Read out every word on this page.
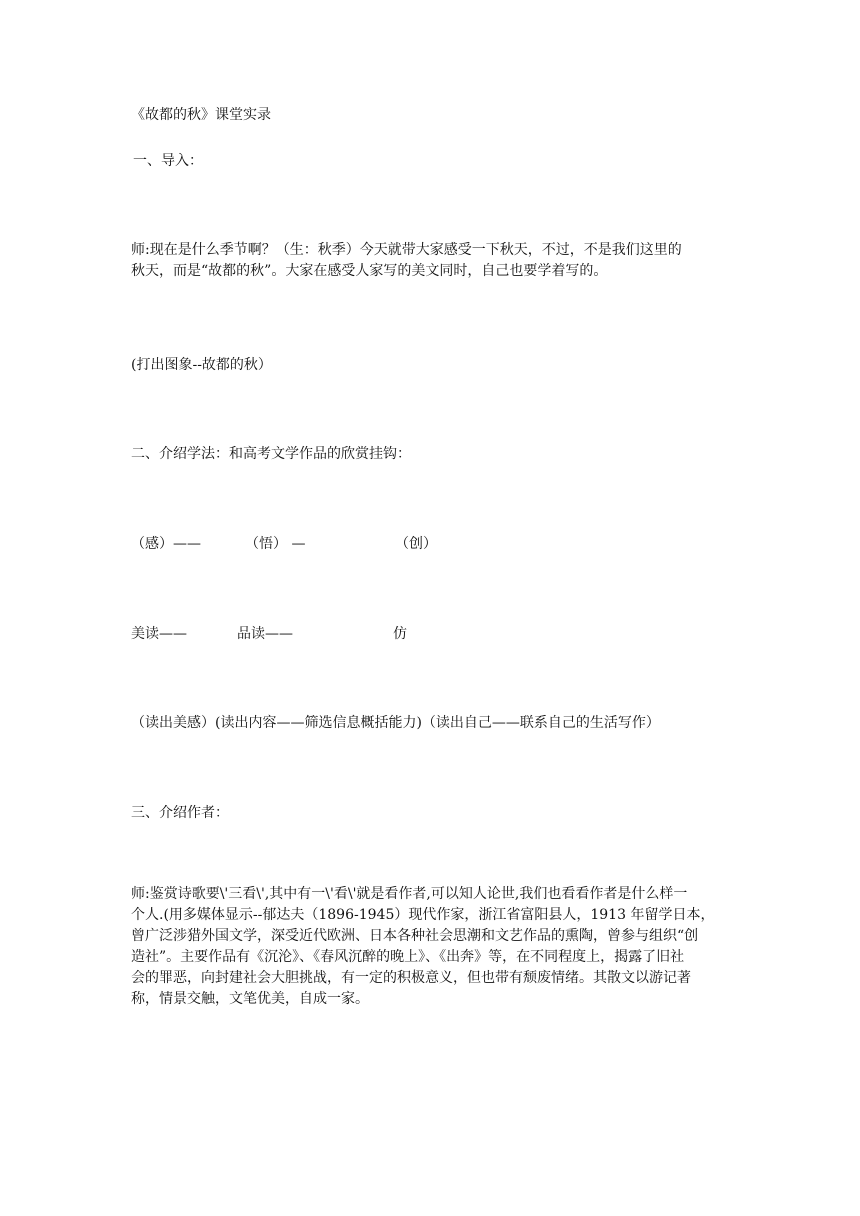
《故都的秋》课堂实录
一、导入：

师:现在是什么季节啊？（生：秋季）今天就带大家感受一下秋天，不过，不是我们这里的

秋天，而是“故都的秋”。大家在感受人家写的美文同时，自己也要学着写的。

(打出图象--故都的秋）
二、介绍学法：和高考文学作品的欣赏挂钩：
（感）——	（悟） —	（创）
美读——	品读——	仿
（读出美感）(读出内容——筛选信息概括能力)（读出自己——联系自己的生活写作）
三、介绍作者：

师:鉴赏诗歌要\'三看\',其中有一\'看\'就是看作者,可以知人论世,我们也看看作者是什么样一

个人.(用多媒体显示--郁达夫（1896-1945）现代作家，浙江省富阳县人，1913 年留学日本，

曾广泛涉猎外国文学，深受近代欧洲、日本各种社会思潮和文艺作品的熏陶，曾参与组织“创

造社”。主要作品有《沉沦》、《春风沉醉的晚上》、《出奔》等，在不同程度上，揭露了旧社

会的罪恶，向封建社会大胆挑战，有一定的积极意义，但也带有颓废情绪。其散文以游记著

称，情景交触，文笔优美，自成一家。
